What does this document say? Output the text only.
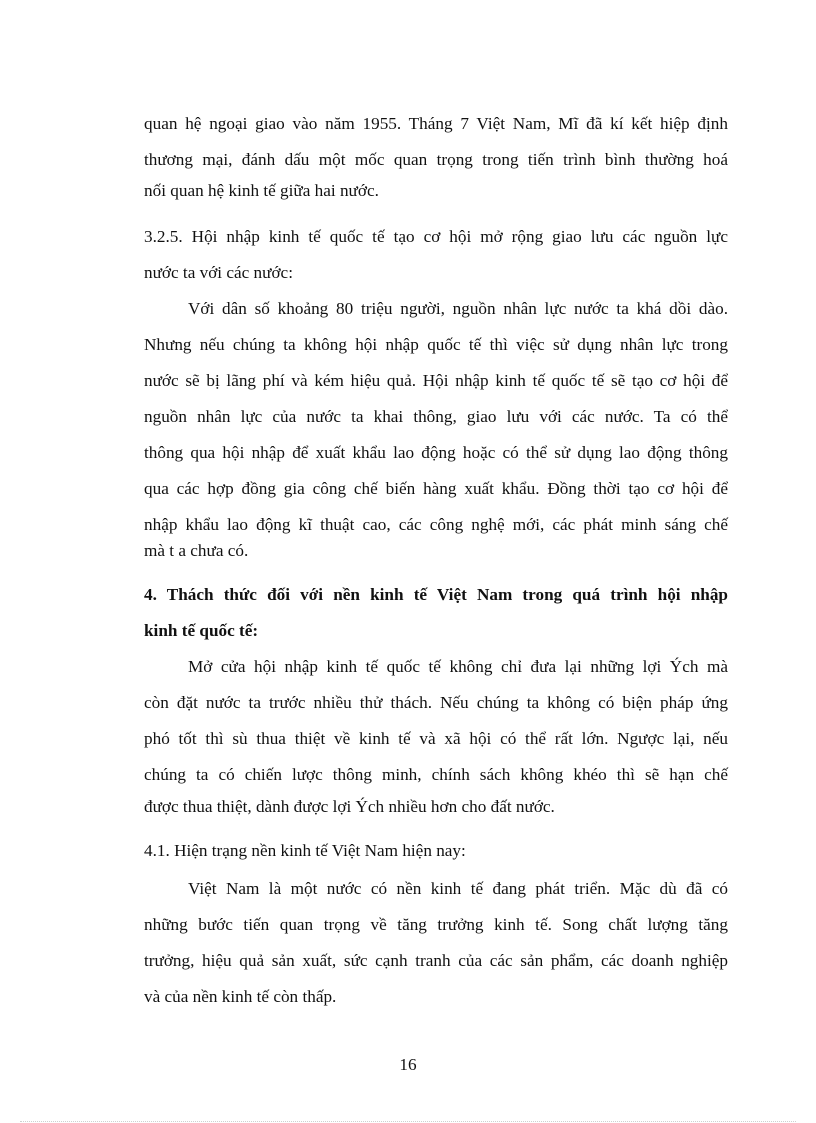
quan hệ ngoại giao vào năm 1955. Tháng 7 Việt Nam, Mĩ đã kí kết hiệp định
thương mại, đánh dấu một mốc quan trọng trong tiến trình bình thường hoá
nối quan hệ kinh tế giữa hai nước.
3.2.5. Hội nhập kinh tế quốc tế tạo cơ hội mở rộng giao lưu các nguồn lực
nước ta với các nước:
Với dân số khoảng 80 triệu người, nguồn nhân lực nước ta khá dồi dào.
Nhưng nếu chúng ta không hội nhập quốc tế thì việc sử dụng nhân lực trong
nước sẽ bị lãng phí và kém hiệu quả. Hội nhập kinh tế quốc tế sẽ tạo cơ hội để
nguồn nhân lực của nước ta khai thông, giao lưu với các nước. Ta có thể
thông qua hội nhập để xuất khẩu lao động hoặc có thể sử dụng lao động thông
qua các hợp đồng gia công chế biến hàng xuất khẩu. Đồng thời tạo cơ hội để
nhập khẩu lao động kĩ thuật cao, các công nghệ mới, các phát minh sáng chế
mà t a chưa có.
4. Thách thức đối với nền kinh tế Việt Nam trong quá trình hội nhập
kinh tế quốc tế:
Mở cửa hội nhập kinh tế quốc tế không chỉ đưa lại những lợi Ých mà
còn đặt nước ta trước nhiều thử thách. Nếu chúng ta không có biện pháp ứng
phó tốt thì sù thua thiệt về kinh tế và xã hội có thể rất lớn. Ngược lại, nếu
chúng ta có chiến lược thông minh, chính sách không khéo thì sẽ hạn chế
được thua thiệt, dành được lợi Ých nhiều hơn cho đất nước.
4.1. Hiện trạng nền kinh tế Việt Nam hiện nay:
Việt Nam là một nước có nền kinh tế đang phát triển. Mặc dù đã có
những bước tiến quan trọng về tăng trưởng kinh tế. Song chất lượng tăng
trưởng, hiệu quả sản xuất, sức cạnh tranh của các sản phẩm, các doanh nghiệp
và của nền kinh tế còn thấp.
16
